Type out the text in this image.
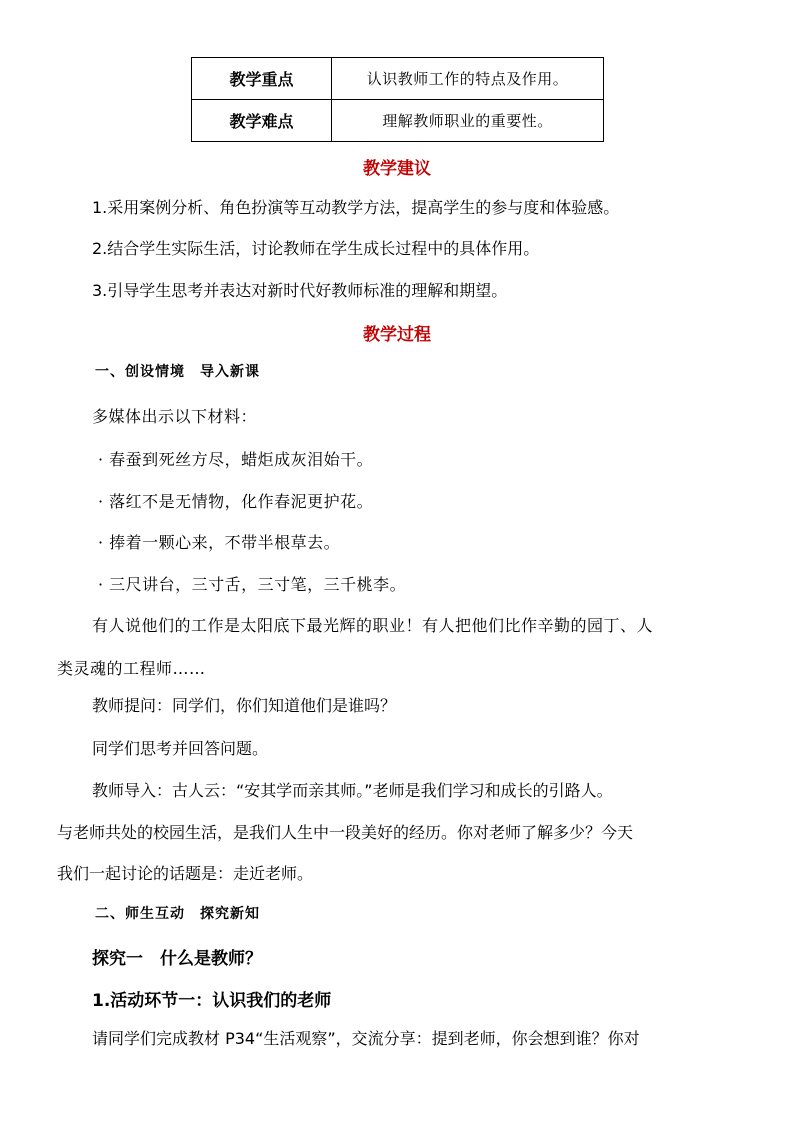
教学重点	认识教师工作的特点及作用。
教学难点	理解教师职业的重要性。
教学建议
1.采用案例分析、角色扮演等互动教学方法，提高学生的参与度和体验感。
2.结合学生实际生活，讨论教师在学生成长过程中的具体作用。
3.引导学生思考并表达对新时代好教师标准的理解和期望。
教学过程
一、创设情境　导入新课
多媒体出示以下材料：
· 春蚕到死丝方尽，蜡炬成灰泪始干。
· 落红不是无情物，化作春泥更护花。
· 捧着一颗心来，不带半根草去。
· 三尺讲台，三寸舌，三寸笔，三千桃李。
有人说他们的工作是太阳底下最光辉的职业！有人把他们比作辛勤的园丁、人
类灵魂的工程师……
教师提问：同学们，你们知道他们是谁吗？
同学们思考并回答问题。
教师导入：古人云：“安其学而亲其师。”老师是我们学习和成长的引路人。
与老师共处的校园生活，是我们人生中一段美好的经历。你对老师了解多少？今天
我们一起讨论的话题是：走近老师。
二、师生互动　探究新知
探究一　什么是教师？
1.活动环节一：认识我们的老师
请同学们完成教材 P34“生活观察”，交流分享：提到老师，你会想到谁？你对
